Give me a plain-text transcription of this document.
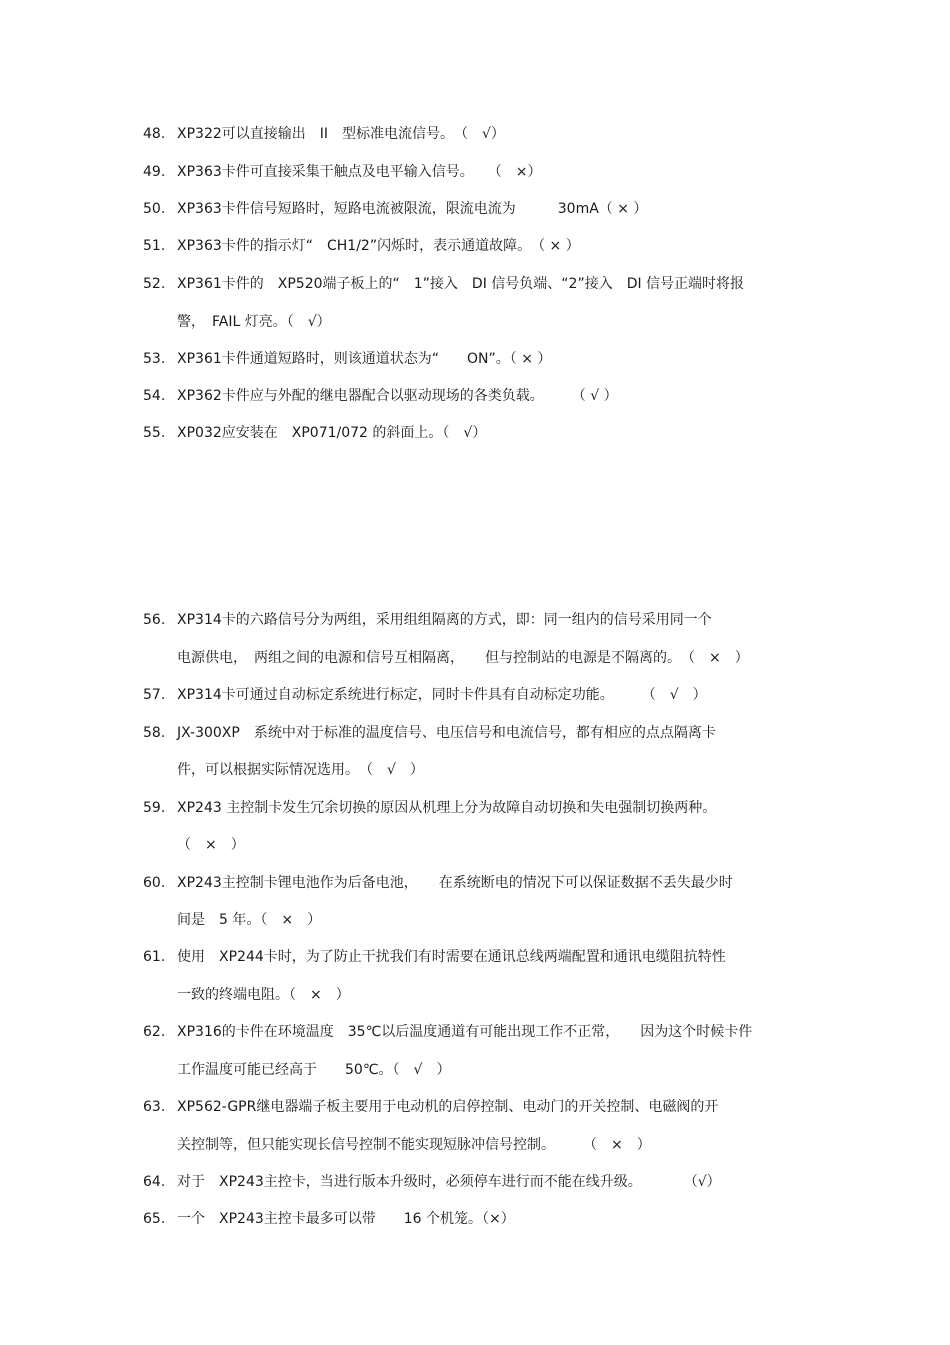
48. XP322可以直接输出　II　型标准电流信号。　（　√）
49. XP363卡件可直接采集干触点及电平输入信号。　　（　×）
50. XP363卡件信号短路时，短路电流被限流，限流电流为　　　30mA（ × ）
51. XP363卡件的指示灯“　CH1/2”闪烁时，表示通道故障。　（ × ）
52. XP361卡件的　XP520端子板上的“　1”接入　DI 信号负端、“2”接入　DI 信号正端时将报
警，　FAIL 灯亮。（　√）
53. XP361卡件通道短路时，则该通道状态为“　　ON”。（ × ）
54. XP362卡件应与外配的继电器配合以驱动现场的各类负载。　　　（ √ ）
55. XP032应安装在　XP071/072 的斜面上。（　√）
56. XP314卡的六路信号分为两组，采用组组隔离的方式，即：同一组内的信号采用同一个
电源供电，　两组之间的电源和信号互相隔离，　　但与控制站的电源是不隔离的。　（　×　）
57. XP314卡可通过自动标定系统进行标定，同时卡件具有自动标定功能。　　　（　√　）
58. JX-300XP　系统中对于标准的温度信号、电压信号和电流信号，都有相应的点点隔离卡
件，可以根据实际情况选用。　（　√　）
59. XP243 主控制卡发生冗余切换的原因从机理上分为故障自动切换和失电强制切换两种。
（　×　）
60. XP243主控制卡锂电池作为后备电池，　　在系统断电的情况下可以保证数据不丢失最少时
间是　5 年。（　×　）
61. 使用　XP244卡时，为了防止干扰我们有时需要在通讯总线两端配置和通讯电缆阻抗特性
一致的终端电阻。（　×　）
62. XP316的卡件在环境温度　35℃以后温度通道有可能出现工作不正常，　　因为这个时候卡件
工作温度可能已经高于　　50℃。（　√　）
63. XP562-GPR继电器端子板主要用于电动机的启停控制、电动门的开关控制、电磁阀的开
关控制等，但只能实现长信号控制不能实现短脉冲信号控制。　　　（　×　）
64. 对于　XP243主控卡，当进行版本升级时，必须停车进行而不能在线升级。　　　　（√）
65. 一个　XP243主控卡最多可以带　　16 个机笼。（×）
